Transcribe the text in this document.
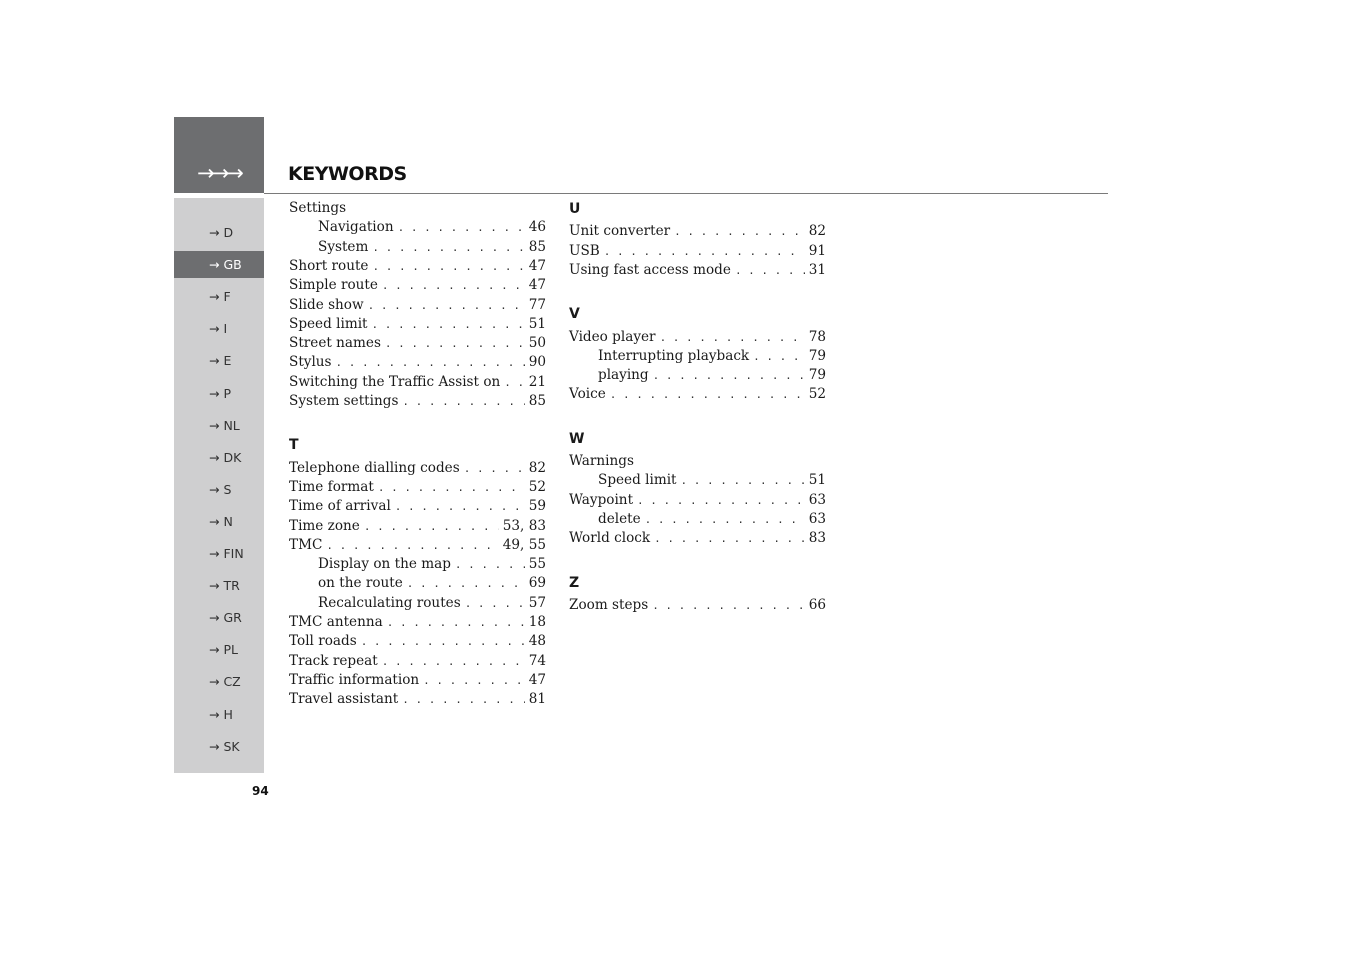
→→→	KEYWORDS
→ D
→ GB
→ F
→ I
→ E
→ P
→ NL
→ DK
→ S
→ N
→ FIN
→ TR
→ GR
→ PL
→ CZ
→ H
→ SK
Settings
Navigation . . .	46
System . . .	85
Short route . . .	47
Simple route . . .	47
Slide show . . .	77
Speed limit . . .	51
Street names . . .	50
Stylus . . .	90
Switching the Traffic Assist on . . . 21
System settings . . .	85
T
Telephone dialling codes . . .	82
Time format . . .	52
Time of arrival . . .	59
Time zone . . .	53, 83
TMC . . .	49, 55
Display on the map . . .	55
on the route . . .	69
Recalculating routes . . .	57
TMC antenna . . .	18
Toll roads . . .	48
Track repeat . . .	74
Traffic information . . .	47
Travel assistant . . .	81
U
Unit converter . . .	82
USB . . .	91
Using fast access mode . . .	31
V
Video player . . .	78
Interrupting playback . . .	79
playing . . .	79
Voice . . .	52
W
Warnings
Speed limit . . .	51
Waypoint . . .	63
delete . . .	63
World clock . . .	83
Z
Zoom steps . . .	66
94
